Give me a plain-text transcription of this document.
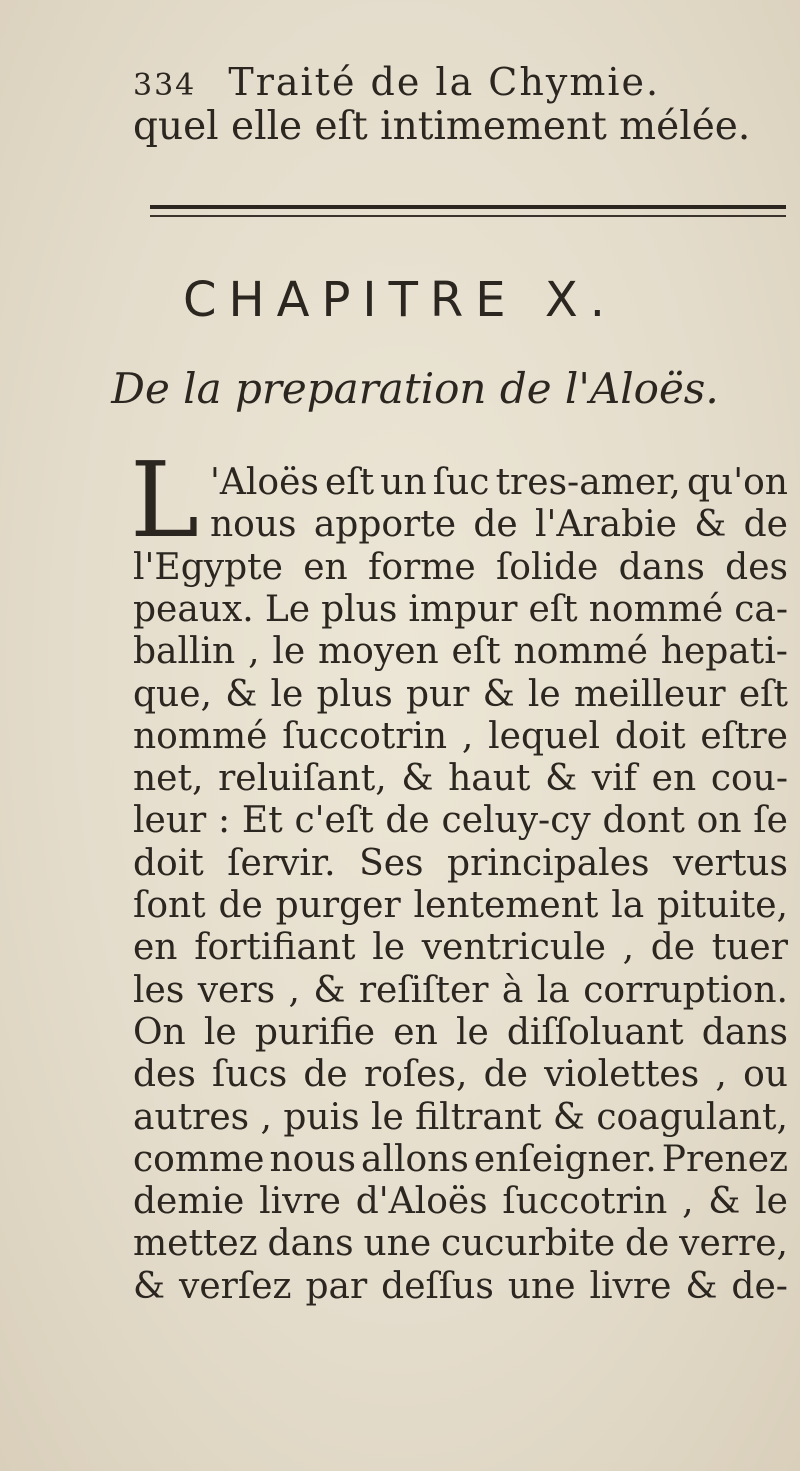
334 Traité de la Chymie.
quel elle eſt intimement mélée.
CHAPITRE X.
De la preparation de l'Aloës.
L 'Aloës eſt un ſuc tres-amer, qu'on
nous apporte de l'Arabie & de
l'Egypte en forme ſolide dans des
peaux. Le plus impur eſt nommé ca-
ballin , le moyen eſt nommé hepati-
que, & le plus pur & le meilleur eſt
nommé ſuccotrin , lequel doit eſtre
net, reluiſant, & haut & vif en cou-
leur : Et c'eſt de celuy-cy dont on ſe
doit ſervir. Ses principales vertus
ſont de purger lentement la pituite,
en fortifiant le ventricule , de tuer
les vers , & reſiſter à la corruption.
On le purifie en le diſſoluant dans
des ſucs de roſes, de violettes , ou
autres , puis le filtrant & coagulant,
comme nous allons enſeigner. Prenez
demie livre d'Aloës ſuccotrin , & le
mettez dans une cucurbite de verre,
& verſez par deſſus une livre & de-
